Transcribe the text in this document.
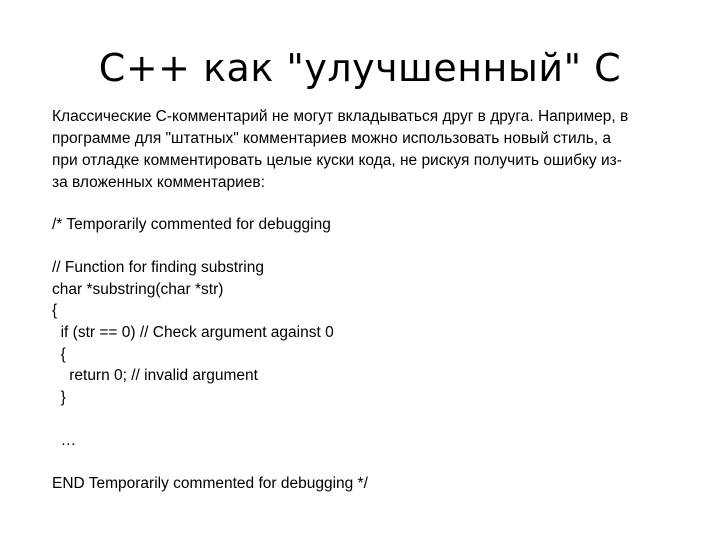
C++ как "улучшенный" C
Классические С-комментарий не могут вкладываться друг в друга. Например, в
программе для "штатных" комментариев можно использовать новый стиль, а
при отладке комментировать целые куски кода, не рискуя получить ошибку из-
за вложенных комментариев:
/* Temporarily commented for debugging
// Function for finding substring
char *substring(char *str)
{
if (str == 0) // Check argument against 0
{
return 0; // invalid argument
}
…
END Temporarily commented for debugging */
